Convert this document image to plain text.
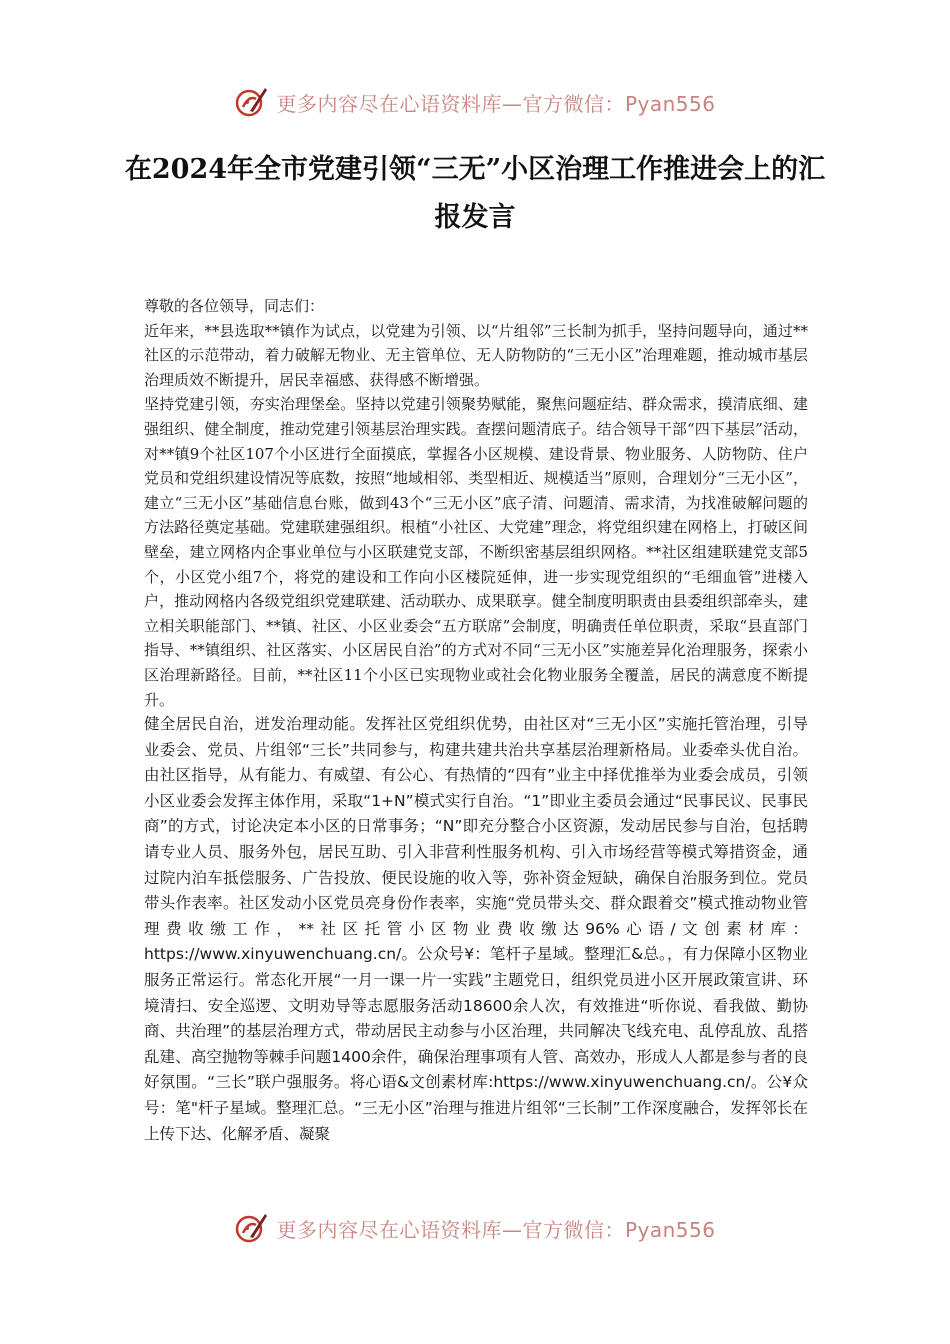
更多内容尽在心语资料库—官方微信：Pyan556
在2024年全市党建引领“三无”小区治理工作推进会上的汇报发言

尊敬的各位领导，同志们：

近年来，**县选取**镇作为试点，以党建为引领、以“片组邻”三长制为抓手，坚持问题导向，通过**社区的示范带动，着力破解无物业、无主管单位、无人防物防的“三无小区”治理难题，推动城市基层治理质效不断提升，居民幸福感、获得感不断增强。

坚持党建引领，夯实治理堡垒。坚持以党建引领聚势赋能，聚焦问题症结、群众需求，摸清底细、建强组织、健全制度，推动党建引领基层治理实践。查摆问题清底子。结合领导干部“四下基层”活动，对**镇9个社区107个小区进行全面摸底，掌握各小区规模、建设背景、物业服务、人防物防、住户党员和党组织建设情况等底数，按照“地域相邻、类型相近、规模适当”原则，合理划分“三无小区”，建立“三无小区”基础信息台账，做到43个“三无小区”底子清、问题清、需求清，为找准破解问题的方法路径奠定基础。党建联建强组织。根植“小社区、大党建”理念，将党组织建在网格上，打破区间壁垒，建立网格内企事业单位与小区联建党支部，不断织密基层组织网格。**社区组建联建党支部5个，小区党小组7个，将党的建设和工作向小区楼院延伸，进一步实现党组织的“毛细血管”进楼入户，推动网格内各级党组织党建联建、活动联办、成果联享。健全制度明职责由县委组织部牵头，建立相关职能部门、**镇、社区、小区业委会“五方联席”会制度，明确责任单位职责，采取“县直部门指导、**镇组织、社区落实、小区居民自治”的方式对不同“三无小区”实施差异化治理服务，探索小区治理新路径。目前，**社区11个小区已实现物业或社会化物业服务全覆盖，居民的满意度不断提升。

健全居民自治，迸发治理动能。发挥社区党组织优势，由社区对“三无小区”实施托管治理，引导业委会、党员、片组邻“三长”共同参与，构建共建共治共享基层治理新格局。业委牵头优自治。由社区指导，从有能力、有威望、有公心、有热情的“四有”业主中择优推举为业委会成员，引领小区业委会发挥主体作用，采取“1+N”模式实行自治。“1”即业主委员会通过“民事民议、民事民商”的方式，讨论决定本小区的日常事务；“N”即充分整合小区资源，发动居民参与自治，包括聘请专业人员、服务外包，居民互助、引入非营利性服务机构、引入市场经营等模式筹措资金，通过院内泊车抵偿服务、广告投放、便民设施的收入等，弥补资金短缺，确保自治服务到位。党员带头作表率。社区发动小区党员亮身份作表率，实施“党员带头交、群众跟着交”模式推动物业管理费收缴工作，**社区托管小区物业费收缴达96%心语/文创素材库：https://www.xinyuwenchuang.cn/。公众号¥：笔杆子星域。整理汇&总。，有力保障小区物业服务正常运行。常态化开展“一月一课一片一实践”主题党日，组织党员进小区开展政策宣讲、环境清扫、安全巡逻、文明劝导等志愿服务活动18600余人次，有效推进“听你说、看我做、勤协商、共治理”的基层治理方式，带动居民主动参与小区治理，共同解决飞线充电、乱停乱放、乱搭乱建、高空抛物等棘手问题1400余件，确保治理事项有人管、高效办，形成人人都是参与者的良好氛围。“三长”联户强服务。将心语&文创素材库:https://www.xinyuwenchuang.cn/。公¥众号：笔"杆子星域。整理汇总。“三无小区”治理与推进片组邻“三长制”工作深度融合，发挥邻长在上传下达、化解矛盾、凝聚

更多内容尽在心语资料库—官方微信：Pyan556
